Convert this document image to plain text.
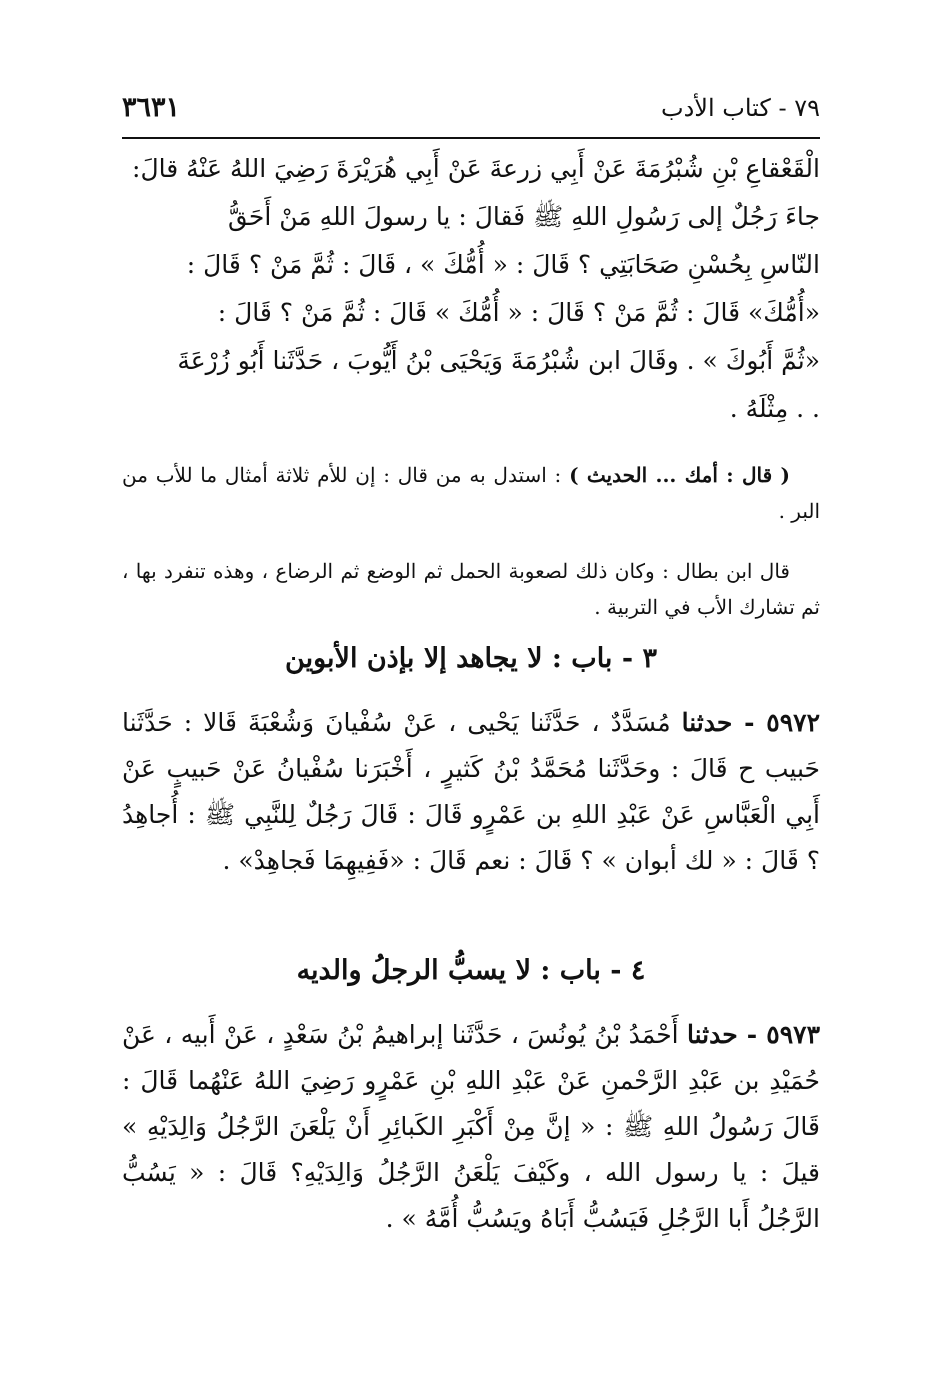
٣٦٣١	٧٩ - كتاب الأدب
الْقَعْقاعِ بْنِ شُبْرُمَةَ عَنْ أَبِي زرعةَ عَنْ أَبِي هُرَيْرَةَ رَضِيَ اللهُ عَنْهُ قالَ:
جاءَ رَجُلٌ إلى رَسُولِ اللهِ ﷺ فَقالَ : يا رسولَ اللهِ مَنْ أَحَقُّ
النّاسِ بِحُسْنِ صَحَابَتِي ؟ قَالَ : « أُمُّكَ » ، قَالَ : ثُمَّ مَنْ ؟ قَالَ :
«أُمُّكَ» قَالَ : ثُمَّ مَنْ ؟ قَالَ : « أُمُّكَ » قَالَ : ثُمَّ مَنْ ؟ قَالَ :
«ثُمَّ أَبُوكَ » . وقَالَ ابن شُبْرُمَةَ وَيَحْيَى بْنُ أَيُّوبَ ، حَدَّثَنا أَبُو زُرْعَةَ
. . مِثْلَهُ .
( قال : أمك ... الحديث ) : استدل به من قال : إن للأم ثلاثة أمثال ما للأب من البر .
قال ابن بطال : وكان ذلك لصعوبة الحمل ثم الوضع ثم الرضاع ، وهذه تنفرد بها ، ثم تشارك الأب في التربية .
٣ - باب : لا يجاهد إلا بإذن الأبوين
٥٩٧٢ - حدثنا مُسَدَّدٌ ، حَدَّثَنا يَحْيى ، عَنْ سُفْيانَ وَشُعْبَةَ قَالا : حَدَّثَنا حَبيب ح قَالَ : وحَدَّثَنا مُحَمَّدُ بْنُ كَثيرٍ ، أَخْبَرَنا سُفْيانُ عَنْ حَبيبٍ عَنْ أَبِي الْعَبَّاسِ عَنْ عَبْدِ اللهِ بن عَمْرٍو قَالَ : قَالَ رَجُلٌ لِلنَّبِي ﷺ : أُجاهِدُ ؟ قَالَ : « لك أبوان » ؟ قَالَ : نعم قَالَ : «فَفِيهِمَا فَجاهِدْ» .
٤ - باب : لا يسبُّ الرجلُ والديه
٥٩٧٣ - حدثنا أَحْمَدُ بْنُ يُونُسَ ، حَدَّثَنا إبراهيمُ بْنُ سَعْدٍ ، عَنْ أَبيه ، عَنْ حُمَيْدِ بن عَبْدِ الرَّحْمنِ عَنْ عَبْدِ اللهِ بْنِ عَمْرٍو رَضِيَ اللهُ عَنْهُما قَالَ : قَالَ رَسُولُ اللهِ ﷺ : « إنَّ مِنْ أَكْبَرِ الكَبائِرِ أَنْ يَلْعَنَ الرَّجُلُ وَالِدَيْهِ » قيلَ : يا رسول الله ، وكَيْفَ يَلْعَنُ الرَّجُلُ وَالِدَيْهِ؟ قَالَ : « يَسُبُّ الرَّجُلُ أَبا الرَّجُلِ فَيَسُبُّ أَبَاهُ ويَسُبُّ أُمَّهُ » .
